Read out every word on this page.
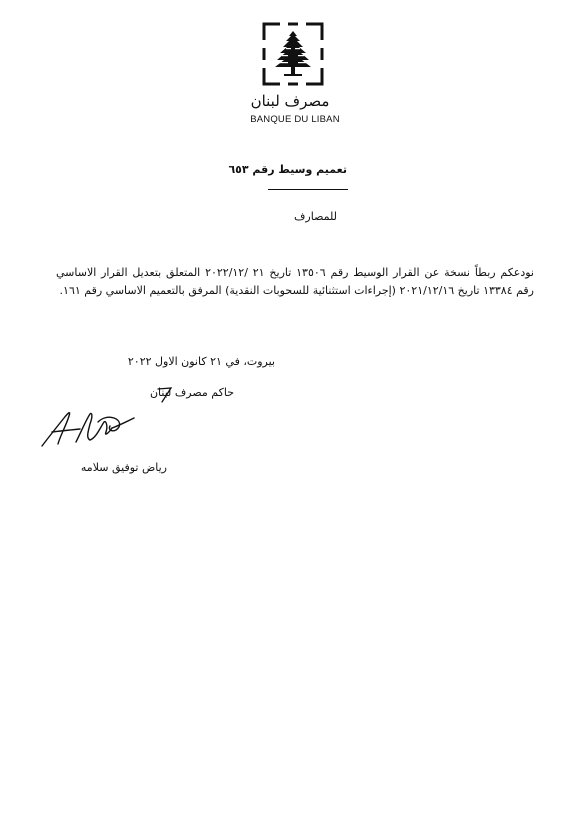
مصرف لبنان
BANQUE DU LIBAN
تعميم وسيط رقم ٦٥٣
للمصارف
نودعكم ربطاً نسخة عن القرار الوسيط رقم ١٣٥٠٦ تاريخ ٢١ /٢٠٢٢/١٢ المتعلق بتعديل القرار الاساسي رقم ١٣٣٨٤ تاريخ ٢٠٢١/١٢/١٦ (إجراءات استثنائية للسحوبات النقدية) المرفق بالتعميم الاساسي رقم ١٦١.
بيروت، في ٢١ كانون الاول ٢٠٢٢
حاكم مصرف لبنان
رياض توفيق سلامه
